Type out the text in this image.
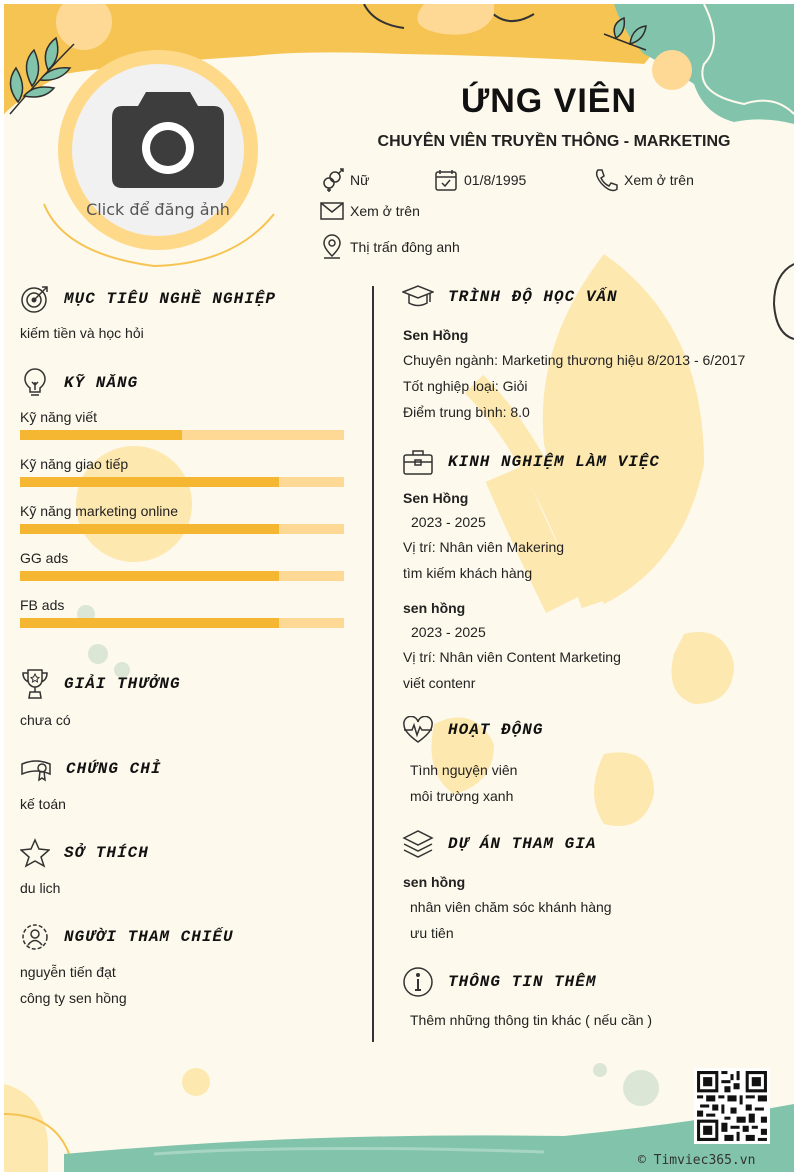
Click để đăng ảnh
ỨNG VIÊN
CHUYÊN VIÊN TRUYỀN THÔNG - MARKETING
Nữ	01/8/1995	Xem ở trên
Xem ở trên
Thị trấn đông anh
MỤC TIÊU NGHỀ NGHIỆP
kiếm tiền và học hỏi
KỸ NĂNG
Kỹ năng viết
Kỹ năng giao tiếp
Kỹ năng marketing online
GG ads
FB ads
GIẢI THƯỞNG
chưa có
CHỨNG CHỈ
kế toán
SỞ THÍCH
du lich
NGƯỜI THAM CHIẾU
nguyễn tiến đạt
công ty sen hồng
TRÌNH ĐỘ HỌC VẤN
Sen Hồng
Chuyên ngành: Marketing thương hiệu 8/2013 - 6/2017
Tốt nghiệp loại: Giỏi
Điểm trung bình: 8.0
KINH NGHIỆM LÀM VIỆC
Sen Hồng
2023 - 2025
Vị trí: Nhân viên Makering
tìm kiếm khách hàng
sen hồng
2023 - 2025
Vị trí: Nhân viên Content Marketing
viết contenr
HOẠT ĐỘNG
Tình nguyện viên
môi trường xanh
DỰ ÁN THAM GIA
sen hồng
nhân viên chăm sóc khánh hàng
ưu tiên
THÔNG TIN THÊM
Thêm những thông tin khác ( nếu cần )
© Timviec365.vn
